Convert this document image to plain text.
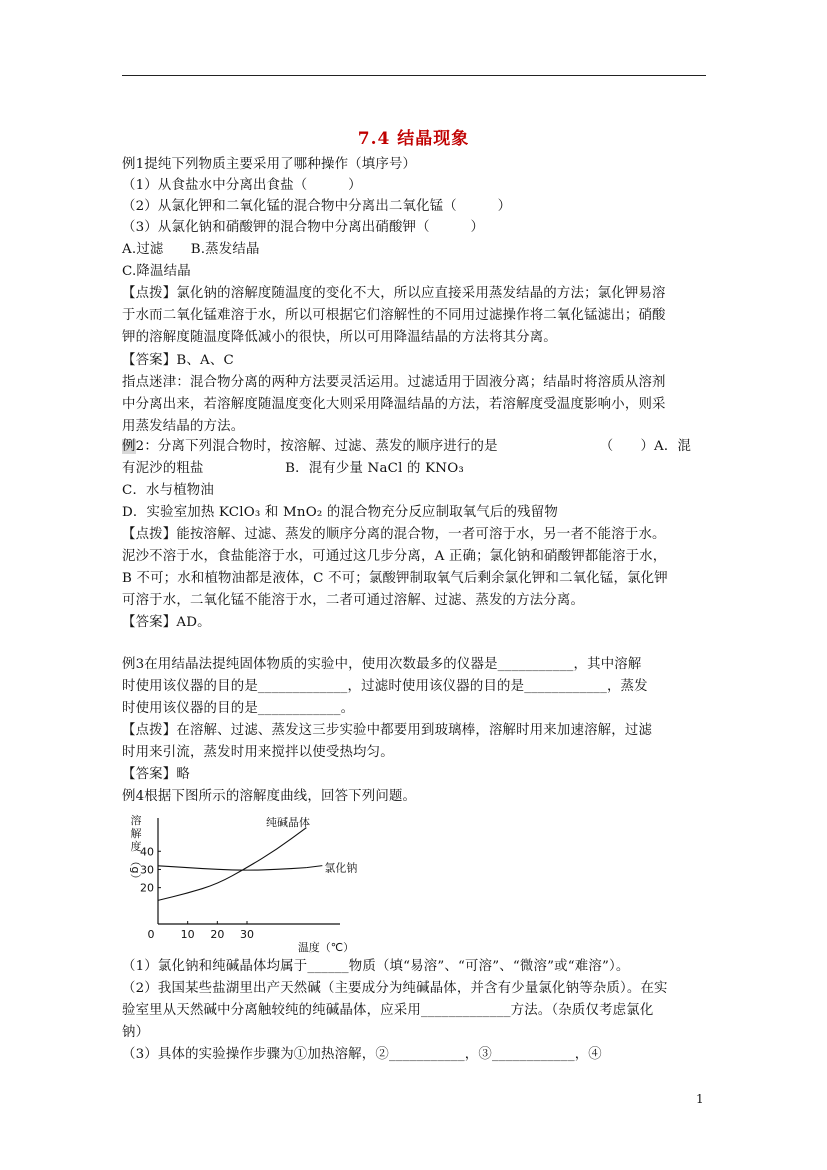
7.4 结晶现象
例1提纯下列物质主要采用了哪种操作（填序号）
（1）从食盐水中分离出食盐（　　　）
（2）从氯化钾和二氧化锰的混合物中分离出二氧化锰（　　　）
（3）从氯化钠和硝酸钾的混合物中分离出硝酸钾（　　　）
A.过滤　　B.蒸发结晶
C.降温结晶
【点拨】氯化钠的溶解度随温度的变化不大，所以应直接采用蒸发结晶的方法；氯化钾易溶
于水而二氧化锰难溶于水，所以可根据它们溶解性的不同用过滤操作将二氧化锰滤出；硝酸
钾的溶解度随温度降低减小的很快，所以可用降温结晶的方法将其分离。
【答案】B、A、C
指点迷津：混合物分离的两种方法要灵活运用。过滤适用于固液分离；结晶时将溶质从溶剂
中分离出来，若溶解度随温度变化大则采用降温结晶的方法，若溶解度受温度影响小，则采
用蒸发结晶的方法。
例2：分离下列混合物时，按溶解、过滤、蒸发的顺序进行的是　　　　　　　　（　　）A．混
有泥沙的粗盐　　　　　　B．混有少量 NaCl 的 KNO₃
C．水与植物油
D．实验室加热 KClO₃ 和 MnO₂ 的混合物充分反应制取氧气后的残留物
【点拨】能按溶解、过滤、蒸发的顺序分离的混合物，一者可溶于水，另一者不能溶于水。
泥沙不溶于水，食盐能溶于水，可通过这几步分离，A 正确；氯化钠和硝酸钾都能溶于水，
B 不可；水和植物油都是液体，C 不可；氯酸钾制取氧气后剩余氯化钾和二氧化锰，氯化钾
可溶于水，二氧化锰不能溶于水，二者可通过溶解、过滤、蒸发的方法分离。
【答案】AD。
例3在用结晶法提纯固体物质的实验中，使用次数最多的仪器是___________，其中溶解
时使用该仪器的目的是_____________，过滤时使用该仪器的目的是____________，蒸发
时使用该仪器的目的是____________。
【点拨】在溶解、过滤、蒸发这三步实验中都要用到玻璃棒，溶解时用来加速溶解，过滤
时用来引流，蒸发时用来搅拌以使受热均匀。
【答案】略
例4根据下图所示的溶解度曲线，回答下列问题。
（1）氯化钠和纯碱晶体均属于______物质（填“易溶”、“可溶”、“微溶”或“难溶”）。
（2）我国某些盐湖里出产天然碱（主要成分为纯碱晶体，并含有少量氯化钠等杂质）。在实
验室里从天然碱中分离触较纯的纯碱晶体，应采用_____________方法。（杂质仅考虑氯化
钠）
（3）具体的实验操作步骤为①加热溶解，②___________，③____________，④
0 10 20 30
20
30
40
溶
解
度
（g）
温度（℃）
纯碱晶体
氯化钠
1
